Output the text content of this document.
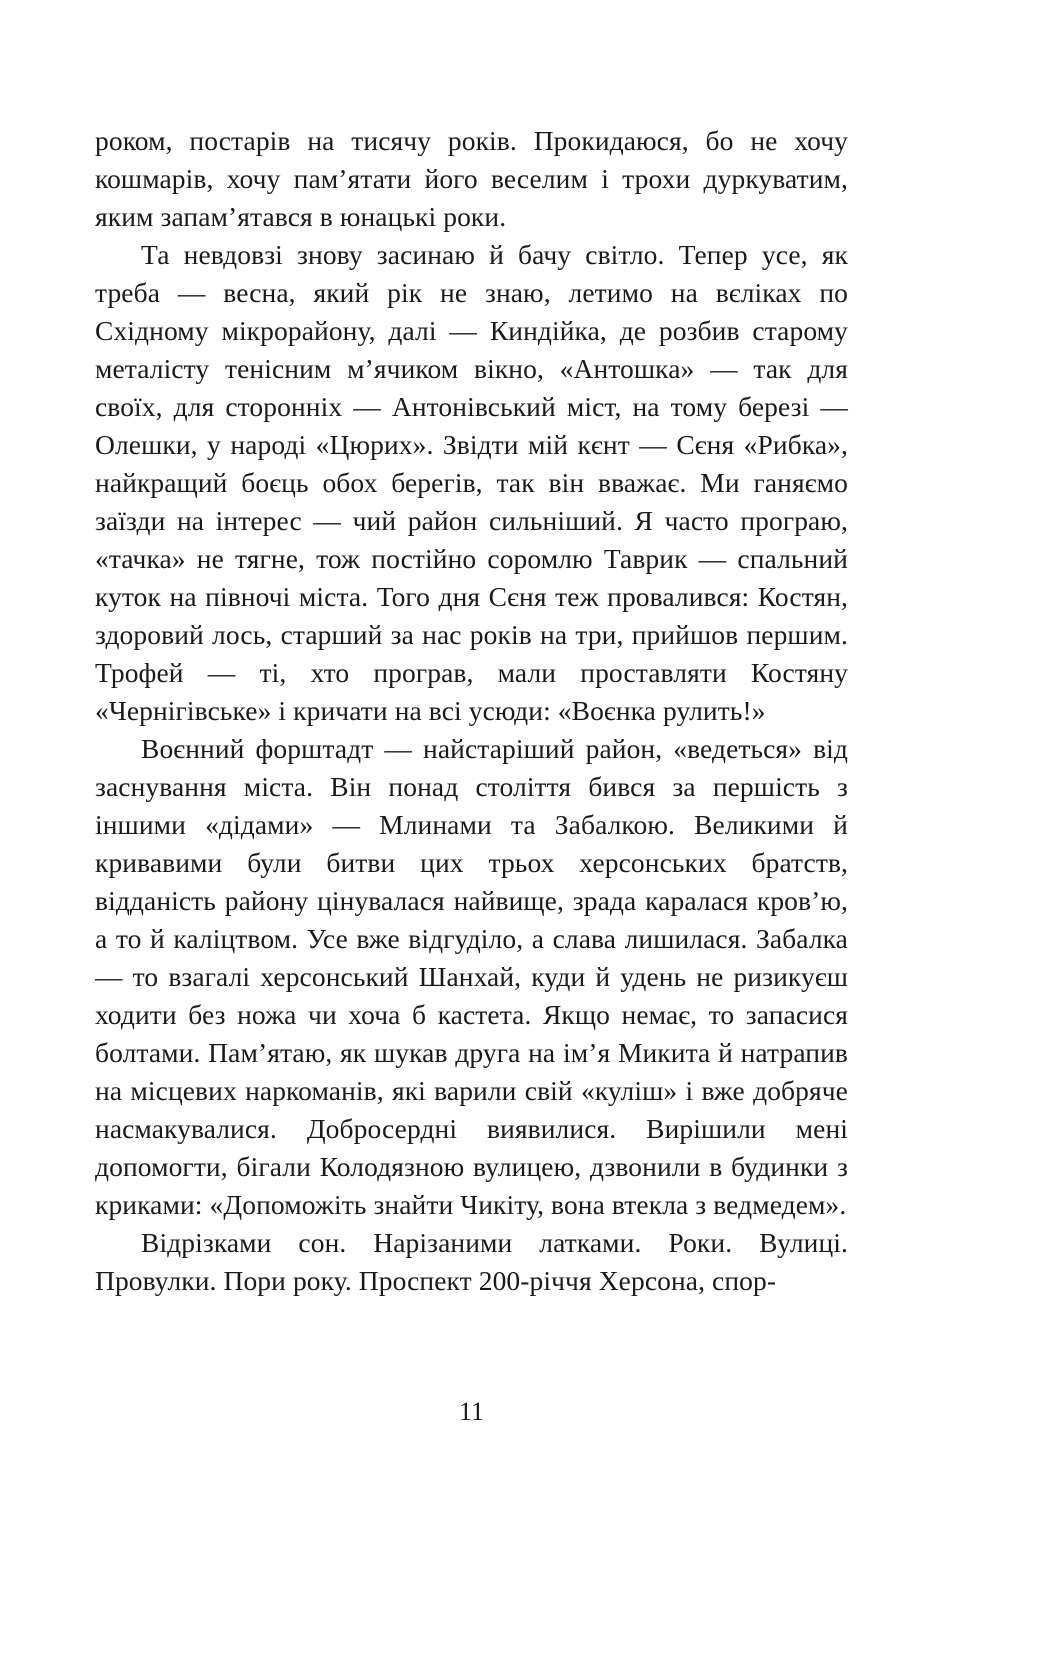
роком, постарів на тисячу років. Прокидаюся, бо не хочу кошмарів, хочу пам’ятати його веселим і трохи дуркуватим, яким запам’ятався в юнацькі роки.

Та невдовзі знову засинаю й бачу світло. Тепер усе, як треба — весна, який рік не знаю, летимо на вєліках по Східному мікрорайону, далі — Киндійка, де розбив старому металісту тенісним м’ячиком вікно, «Антошка» — так для своїх, для сторонніх — Антонівський міст, на тому березі — Олешки, у народі «Цюрих». Звідти мій кєнт — Сєня «Рибка», найкращий боєць обох берегів, так він вважає. Ми ганяємо заїзди на інтерес — чий район сильніший. Я часто програю, «тачка» не тягне, тож постійно соромлю Таврик — спальний куток на півночі міста. Того дня Сєня теж провалився: Костян, здоровий лось, старший за нас років на три, прийшов першим. Трофей — ті, хто програв, мали проставляти Костяну «Чернігівське» і кричати на всі усюди: «Воєнка рулить!»

Воєнний форштадт — найстаріший район, «ведеться» від заснування міста. Він понад століття бився за першість з іншими «дідами» — Млинами та Забалкою. Великими й кривавими були битви цих трьох херсонських братств, відданість району цінувалася найвище, зрада каралася кров’ю, а то й каліцтвом. Усе вже відгуділо, а слава лишилася. Забалка — то взагалі херсонський Шанхай, куди й удень не ризикуєш ходити без ножа чи хоча б кастета. Якщо немає, то запасися болтами. Пам’ятаю, як шукав друга на ім’я Микита й натрапив на місцевих наркоманів, які варили свій «куліш» і вже добряче насмакувалися. Добросердні виявилися. Вирішили мені допомогти, бігали Колодязною вулицею, дзвонили в будинки з криками: «Допоможіть знайти Чикіту, вона втекла з ведмедем».

Відрізками сон. Нарізаними латками. Роки. Вулиці. Провулки. Пори року. Проспект 200-річчя Херсона, спор-

11
